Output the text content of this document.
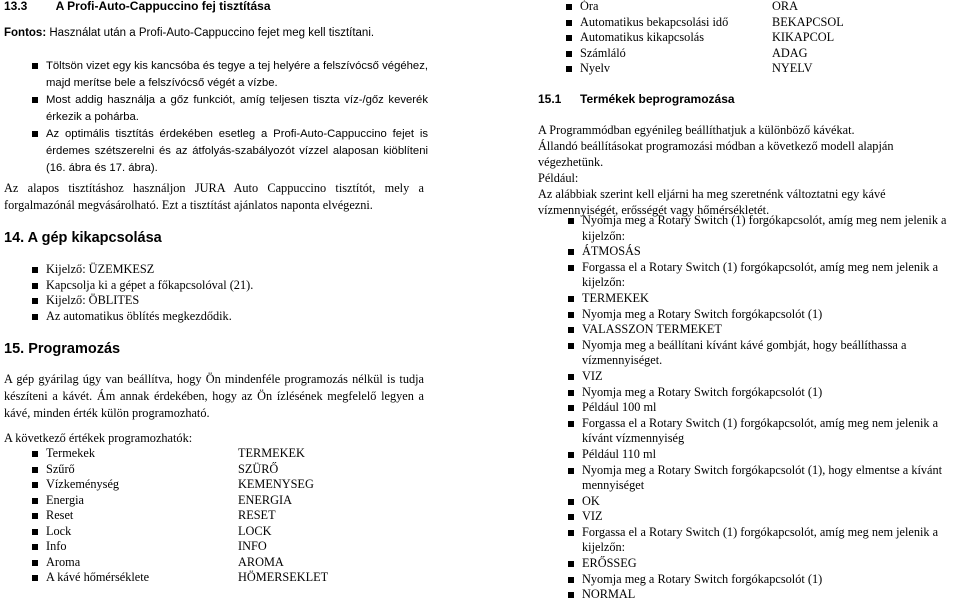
13.3 A Profi-Auto-Cappuccino fej tisztítása
Fontos: Használat után a Profi-Auto-Cappuccino fejet meg kell tisztítani.
Töltsön vizet egy kis kancsóba és tegye a tej helyére a felszívócső végéhez, majd merítse bele a felszívócső végét a vízbe.
Most addig használja a gőz funkciót, amíg teljesen tiszta víz-/gőz keverék érkezik a pohárba.
Az optimális tisztítás érdekében esetleg a Profi-Auto-Cappuccino fejet is érdemes szétszerelni és az átfolyás-szabályozót vízzel alaposan kiöblíteni (16. ábra és 17. ábra).

Az alapos tisztításhoz használjon JURA Auto Cappuccino tisztítót, mely a forgalmazónál megvásárolható. Ezt a tisztítást ajánlatos naponta elvégezni.

14. A gép kikapcsolása
Kijelző: ÜZEMKESZ
Kapcsolja ki a gépet a főkapcsolóval (21).
Kijelző: ÖBLITES
Az automatikus öblítés megkezdődik.
15. Programozás

A gép gyárilag úgy van beállítva, hogy Ön mindenféle programozás nélkül is tudja készíteni a kávét. Ám annak érdekében, hogy az Ön ízlésének megfelelő legyen a kávé, minden érték külön programozható.

A következő értékek programozhatók:
Termekek	TERMEKEK
Szűrő	SZÜRŐ
Vízkeménység	KEMENYSEG
Energia	ENERGIA
Reset	RESET
Lock	LOCK
Info	INFO
Aroma	AROMA
A kávé hőmérséklete	HÖMERSEKLET
Óra	ORA
Automatikus bekapcsolási idő	BEKAPCSOL
Automatikus kikapcsolás	KIKAPCOL
Számláló	ADAG
Nyelv	NYELV
15.1 Termékek beprogramozása
A Programmódban egyénileg beállíthatjuk a különböző kávékat.
Állandó beállításokat programozási módban a következő modell alapján végezhetünk.
Például:
Az alábbiak szerint kell eljárni ha meg szeretnénk változtatni egy kávé vízmennyiségét, erősségét vagy hőmérsékletét.
Nyomja meg a Rotary Switch (1) forgókapcsolót, amíg meg nem jelenik a kijelzőn:
ÁTMOSÁS
Forgassa el a Rotary Switch (1) forgókapcsolót, amíg meg nem jelenik a kijelzőn:
TERMEKEK
Nyomja meg a Rotary Switch forgókapcsolót (1)
VALASSZON TERMEKET
Nyomja meg a beállítani kívánt kávé gombját, hogy beállíthassa a vízmennyiséget.
VIZ
Nyomja meg a Rotary Switch forgókapcsolót (1)
Például 100 ml
Forgassa el a Rotary Switch (1) forgókapcsolót, amíg meg nem jelenik a kívánt vízmennyiség
Például 110 ml
Nyomja meg a Rotary Switch forgókapcsolót (1), hogy elmentse a kívánt mennyiséget
OK
VIZ
Forgassa el a Rotary Switch (1) forgókapcsolót, amíg meg nem jelenik a kijelzőn:
ERŐSSEG
Nyomja meg a Rotary Switch forgókapcsolót (1)
NORMAL
